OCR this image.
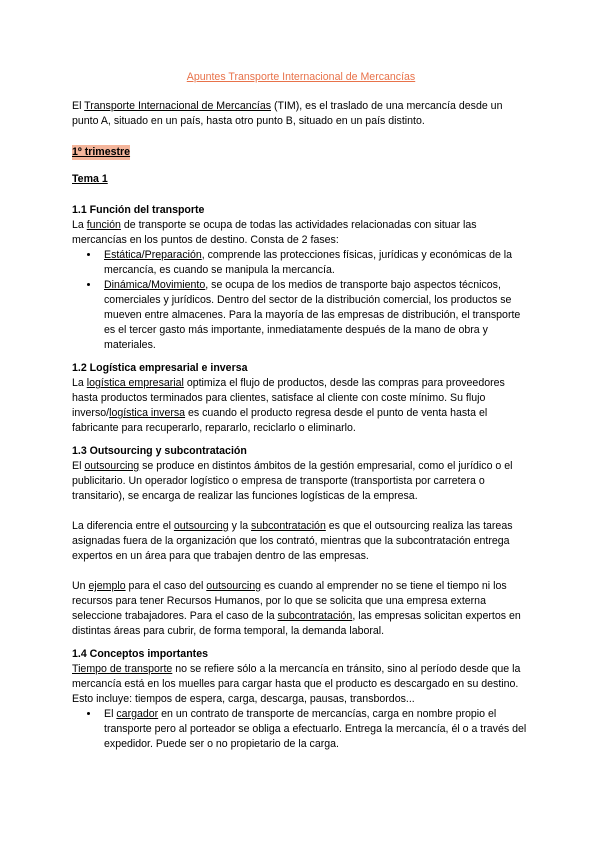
Apuntes Transporte Internacional de Mercancías

El Transporte Internacional de Mercancías (TIM), es el traslado de una mercancía desde un punto A, situado en un país, hasta otro punto B, situado en un país distinto.

1º trimestre

Tema 1

1.1 Función del transporte

La función de transporte se ocupa de todas las actividades relacionadas con situar las mercancías en los puntos de destino. Consta de 2 fases:

• Estática/Preparación, comprende las protecciones físicas, jurídicas y económicas de la mercancía, es cuando se manipula la mercancía.
• Dinámica/Movimiento, se ocupa de los medios de transporte bajo aspectos técnicos, comerciales y jurídicos. Dentro del sector de la distribución comercial, los productos se mueven entre almacenes. Para la mayoría de las empresas de distribución, el transporte es el tercer gasto más importante, inmediatamente después de la mano de obra y materiales.
1.2 Logística empresarial e inversa

La logística empresarial optimiza el flujo de productos, desde las compras para proveedores hasta productos terminados para clientes, satisface al cliente con coste mínimo. Su flujo inverso/logística inversa es cuando el producto regresa desde el punto de venta hasta el fabricante para recuperarlo, repararlo, reciclarlo o eliminarlo.

1.3 Outsourcing y subcontratación

El outsourcing se produce en distintos ámbitos de la gestión empresarial, como el jurídico o el publicitario. Un operador logístico o empresa de transporte (transportista por carretera o transitario), se encarga de realizar las funciones logísticas de la empresa.

La diferencia entre el outsourcing y la subcontratación es que el outsourcing realiza las tareas asignadas fuera de la organización que los contrató, mientras que la subcontratación entrega expertos en un área para que trabajen dentro de las empresas.

Un ejemplo para el caso del outsourcing es cuando al emprender no se tiene el tiempo ni los recursos para tener Recursos Humanos, por lo que se solicita que una empresa externa seleccione trabajadores. Para el caso de la subcontratación, las empresas solicitan expertos en distintas áreas para cubrir, de forma temporal, la demanda laboral.

1.4 Conceptos importantes

Tiempo de transporte no se refiere sólo a la mercancía en tránsito, sino al período desde que la mercancía está en los muelles para cargar hasta que el producto es descargado en su destino. Esto incluye: tiempos de espera, carga, descarga, pausas, transbordos...

• El cargador en un contrato de transporte de mercancías, carga en nombre propio el transporte pero al porteador se obliga a efectuarlo. Entrega la mercancía, él o a través del expedidor. Puede ser o no propietario de la carga.
